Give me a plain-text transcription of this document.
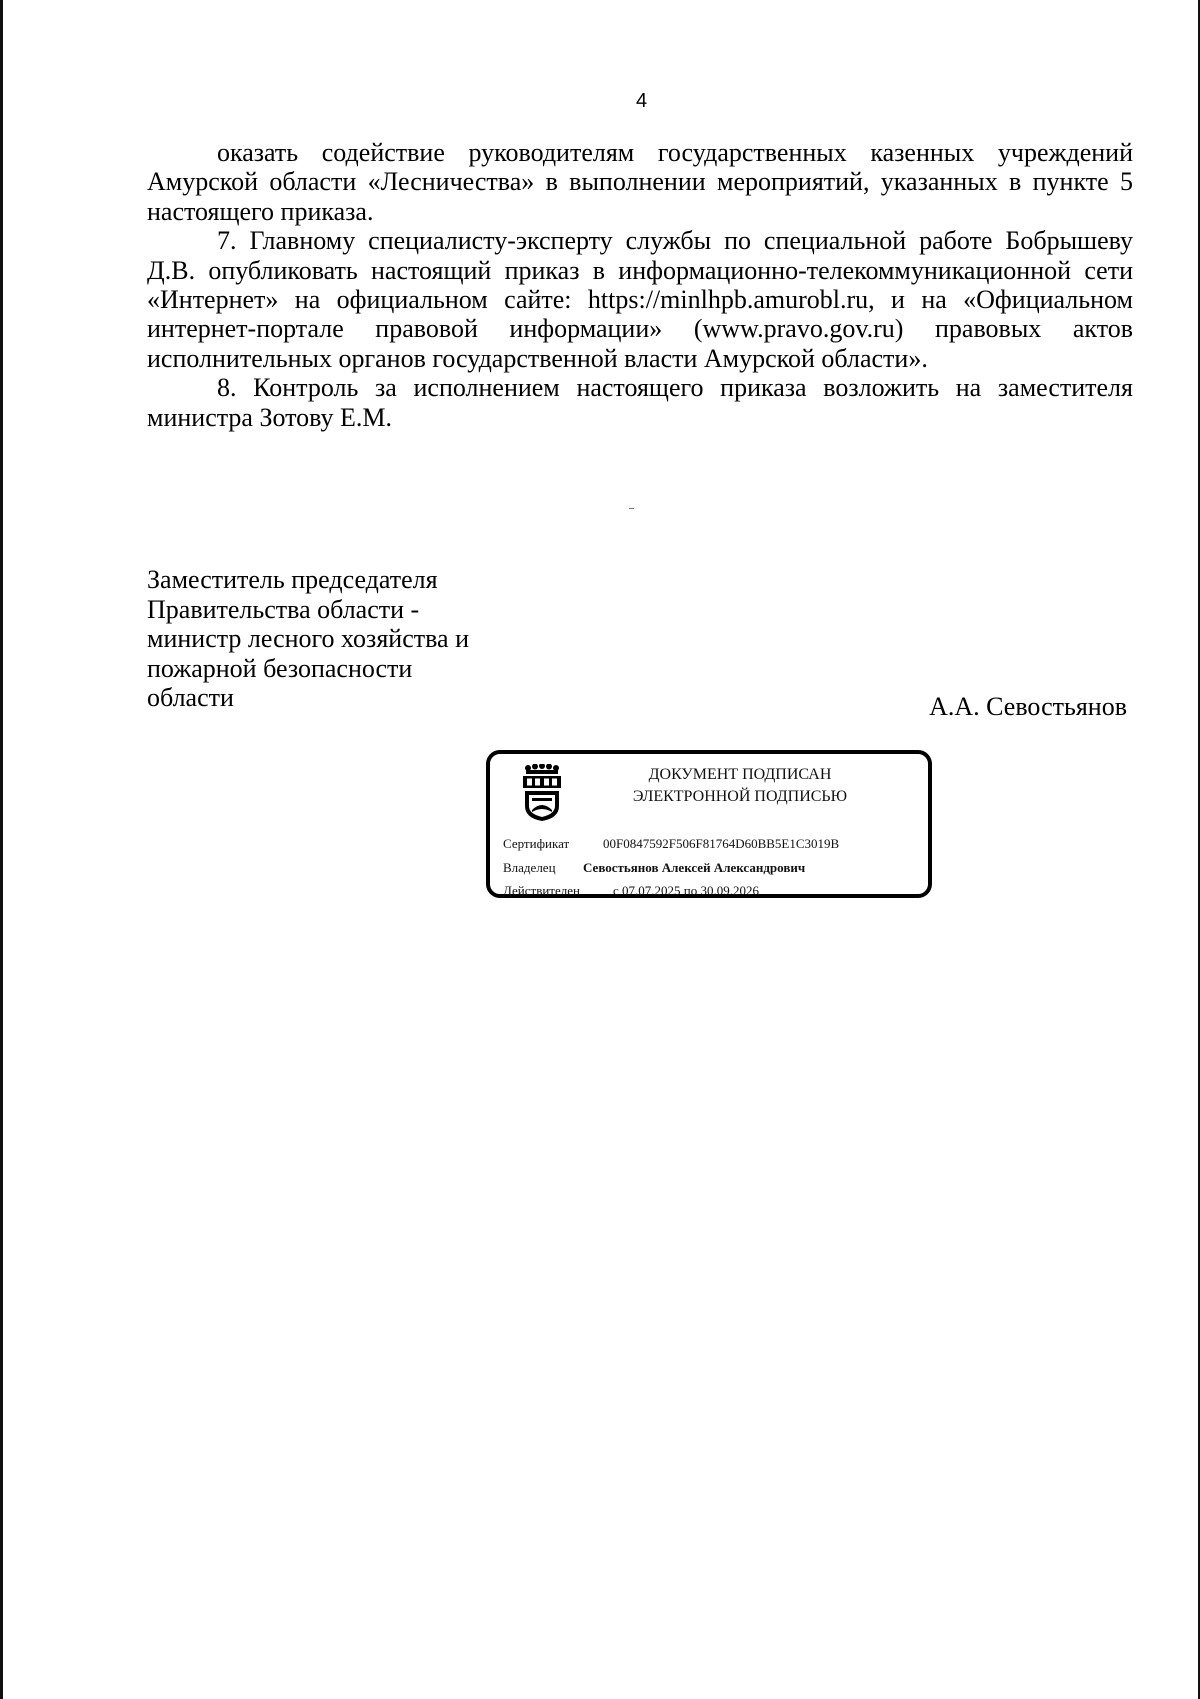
4

оказать содействие руководителям государственных казенных учреждений Амурской области «Лесничества» в выполнении мероприятий, указанных в пункте 5 настоящего приказа.

7. Главному специалисту-эксперту службы по специальной работе Бобрышеву Д.В. опубликовать настоящий приказ в информационно-телекоммуникационной сети «Интернет» на официальном сайте: https://minlhpb.amurobl.ru, и на «Официальном интернет-портале правовой информации» (www.pravo.gov.ru) правовых актов исполнительных органов государственной власти Амурской области».

8. Контроль за исполнением настоящего приказа возложить на заместителя министра Зотову Е.М.

Заместитель председателя
Правительства области -
министр лесного хозяйства и
пожарной безопасности
области	А.А. Севостьянов
ДОКУМЕНТ ПОДПИСАН
ЭЛЕКТРОННОЙ ПОДПИСЬЮ
Сертификат	00F0847592F506F81764D60BB5E1C3019B
Владелец Севостьянов Алексей Александрович
Действителен	с 07.07.2025 по 30.09.2026
